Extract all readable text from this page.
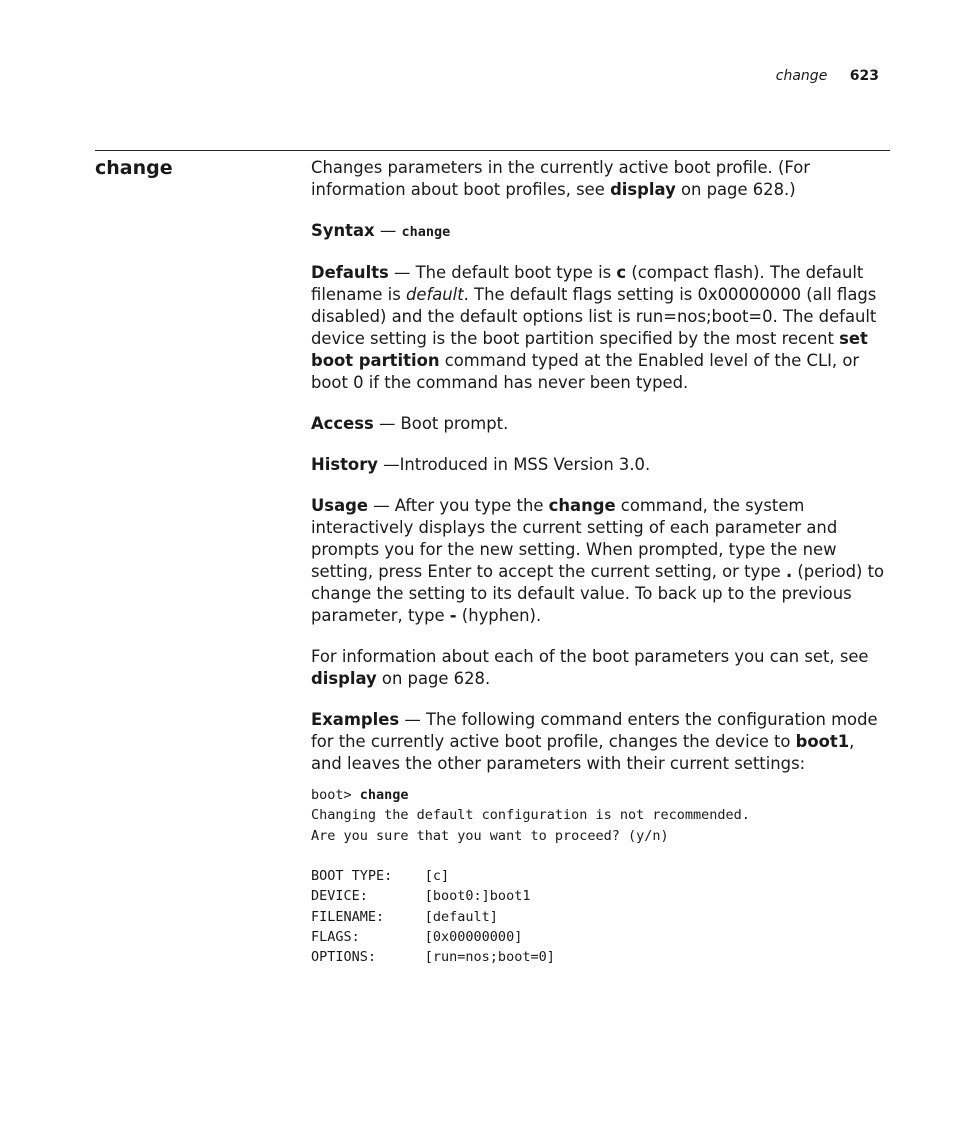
change 623
change	Changes parameters in the currently active boot profile. (For information about boot profiles, see display on page 628.)

Syntax — change

Defaults — The default boot type is c (compact flash). The default filename is default. The default flags setting is 0x00000000 (all flags disabled) and the default options list is run=nos;boot=0. The default device setting is the boot partition specified by the most recent set boot partition command typed at the Enabled level of the CLI, or boot 0 if the command has never been typed.

Access — Boot prompt.

History —Introduced in MSS Version 3.0.

Usage — After you type the change command, the system interactively displays the current setting of each parameter and prompts you for the new setting. When prompted, type the new setting, press Enter to accept the current setting, or type . (period) to change the setting to its default value. To back up to the previous parameter, type - (hyphen).

For information about each of the boot parameters you can set, see display on page 628.

Examples — The following command enters the configuration mode for the currently active boot profile, changes the device to boot1, and leaves the other parameters with their current settings:

boot> change
Changing the default configuration is not recommended.
Are you sure that you want to proceed? (y/n)

BOOT TYPE:    [c]
DEVICE:       [boot0:]boot1
FILENAME:     [default]
FLAGS:        [0x00000000]
OPTIONS:      [run=nos;boot=0]
